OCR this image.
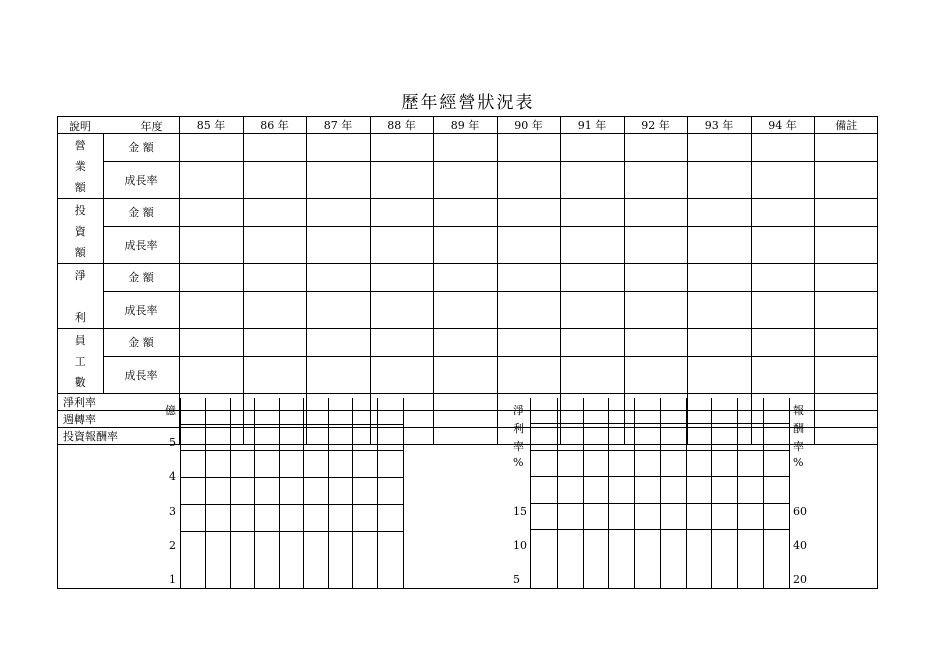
歷年經營狀況表
說明 年度		85 年	86 年	87 年	88 年	89 年	90 年	91 年	92 年	93 年	94 年	備註

營
業
額	金 額											
	成長率											

投
資
額	金 額											
	成長率											

淨

利	金 額											
	成長率											

員
工
數	金 額											
	成長率											
淨利率												
週轉率												
投資報酬率												
億
5
4
3
2
1
淨
利
率
%
15
10
5
報
酬
率
%
60
40
20
